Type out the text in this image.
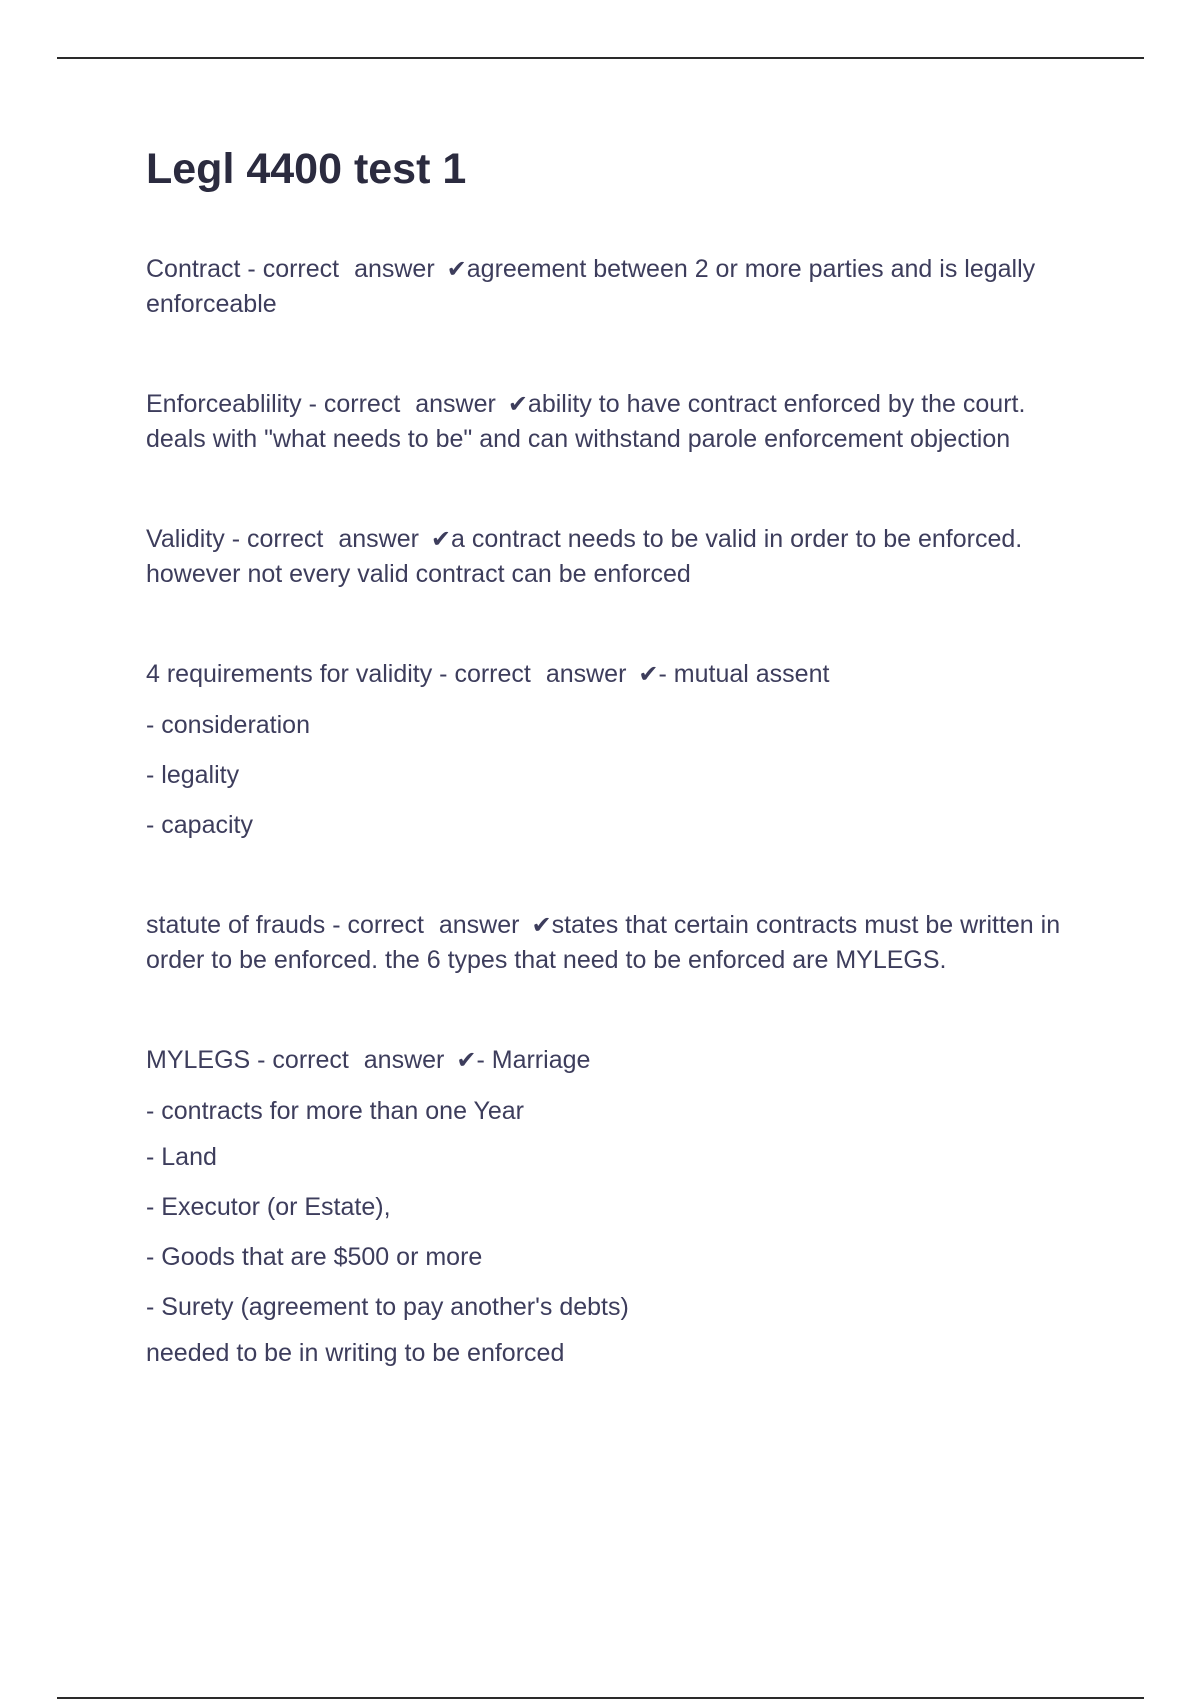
Legl 4400 test 1

Contract - correct answer ✔agreement between 2 or more parties and is legally enforceable

Enforceablility - correct answer ✔ability to have contract enforced by the court. deals with "what needs to be" and can withstand parole enforcement objection

Validity - correct answer ✔a contract needs to be valid in order to be enforced. however not every valid contract can be enforced

4 requirements for validity - correct answer ✔- mutual assent

- consideration

- legality

- capacity

statute of frauds - correct answer ✔states that certain contracts must be written in order to be enforced. the 6 types that need to be enforced are MYLEGS.

MYLEGS - correct answer ✔- Marriage

- contracts for more than one Year

- Land

- Executor (or Estate),

- Goods that are $500 or more

- Surety (agreement to pay another's debts)

needed to be in writing to be enforced
